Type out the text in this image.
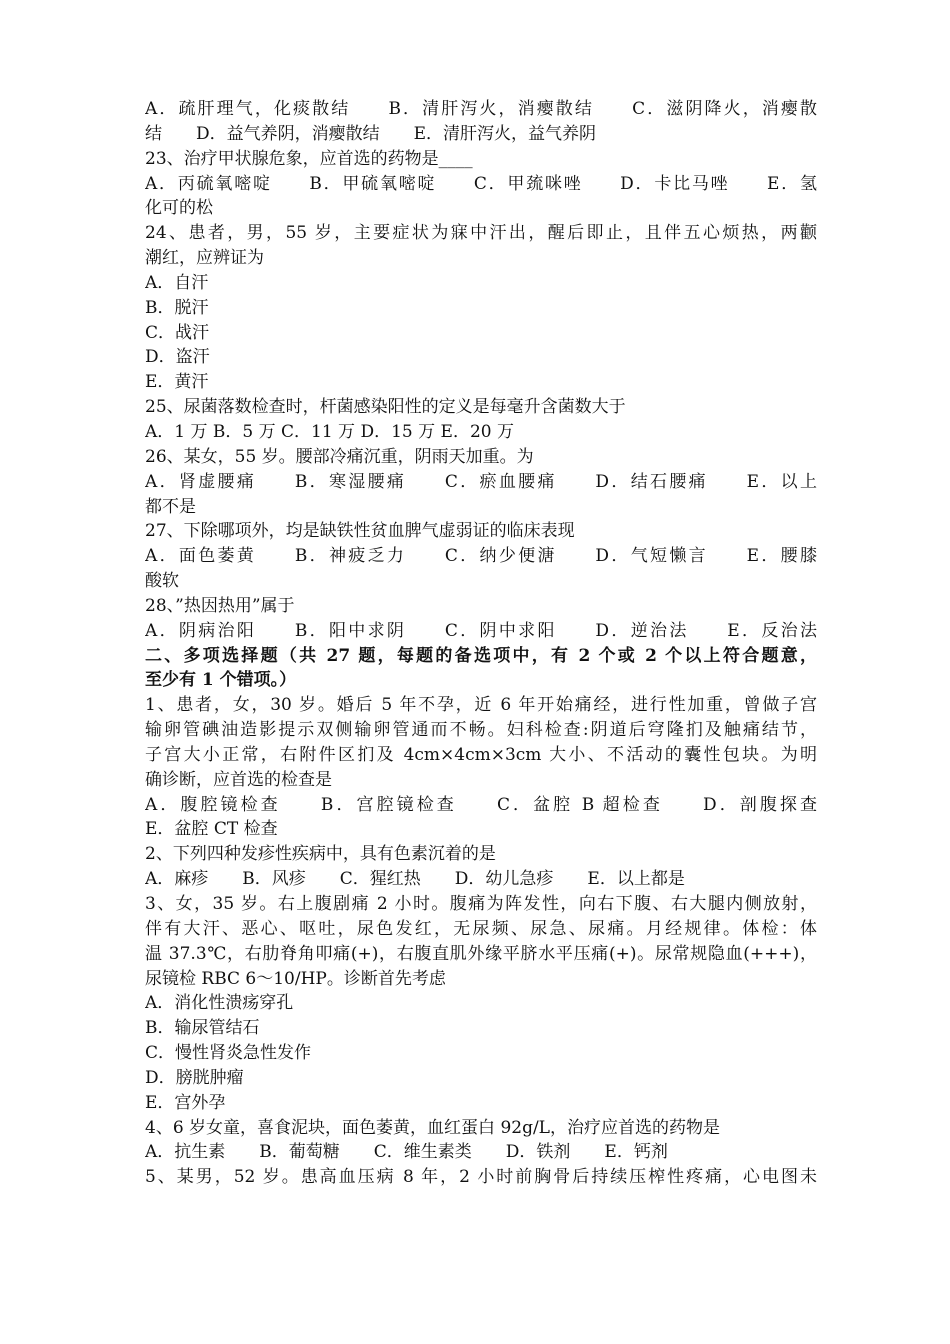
A．疏肝理气，化痰散结　　B．清肝泻火，消瘿散结　　C．滋阴降火，消瘿散
结　　D．益气养阴，消瘿散结　　E．清肝泻火，益气养阴
23、治疗甲状腺危象，应首选的药物是____
A．丙硫氧嘧啶　　B．甲硫氧嘧啶　　C．甲巯咪唑　　D．卡比马唑　　E．氢
化可的松
24、患者，男，55 岁，主要症状为寐中汗出，醒后即止，且伴五心烦热，两颧
潮红，应辨证为
A．自汗
B．脱汗
C．战汗
D．盗汗
E．黄汗
25、尿菌落数检查时，杆菌感染阳性的定义是每毫升含菌数大于
A．1 万 B．5 万 C．11 万 D．15 万 E．20 万
26、某女，55 岁。腰部冷痛沉重，阴雨天加重。为
A．肾虚腰痛　　B．寒湿腰痛　　C．瘀血腰痛　　D．结石腰痛　　E．以上
都不是
27、下除哪项外，均是缺铁性贫血脾气虚弱证的临床表现
A．面色萎黄　　B．神疲乏力　　C．纳少便溏　　D．气短懒言　　E．腰膝
酸软
28、”热因热用”属于
A．阴病治阳　　B．阳中求阴　　C．阴中求阳　　D．逆治法　　E．反治法
二、多项选择题（共 27 题，每题的备选项中，有 2 个或 2 个以上符合题意，
至少有 1 个错项。）
1、患者，女，30 岁。婚后 5 年不孕，近 6 年开始痛经，进行性加重，曾做子宫
输卵管碘油造影提示双侧输卵管通而不畅。妇科检查:阴道后穹隆扪及触痛结节，
子宫大小正常，右附件区扪及 4cm×4cm×3cm 大小、不活动的囊性包块。为明
确诊断，应首选的检查是
A．腹腔镜检查　　B．宫腔镜检查　　C．盆腔 B 超检查　　D．剖腹探查
E．盆腔 CT 检查
2、下列四种发疹性疾病中，具有色素沉着的是
A．麻疹　　B．风疹　　C．猩红热　　D．幼儿急疹　　E．以上都是
3、女，35 岁。右上腹剧痛 2 小时。腹痛为阵发性，向右下腹、右大腿内侧放射，
伴有大汗、恶心、呕吐，尿色发红，无尿频、尿急、尿痛。月经规律。体检：体
温 37.3℃，右肋脊角叩痛(+)，右腹直肌外缘平脐水平压痛(+)。尿常规隐血(+++)，
尿镜检 RBC 6～10/HP。诊断首先考虑
A．消化性溃疡穿孔
B．输尿管结石
C．慢性肾炎急性发作
D．膀胱肿瘤
E．宫外孕
4、6 岁女童，喜食泥块，面色萎黄，血红蛋白 92g/L，治疗应首选的药物是
A．抗生素　　B．葡萄糖　　C．维生素类　　D．铁剂　　E．钙剂
5、某男，52 岁。患高血压病 8 年，2 小时前胸骨后持续压榨性疼痛，心电图未
